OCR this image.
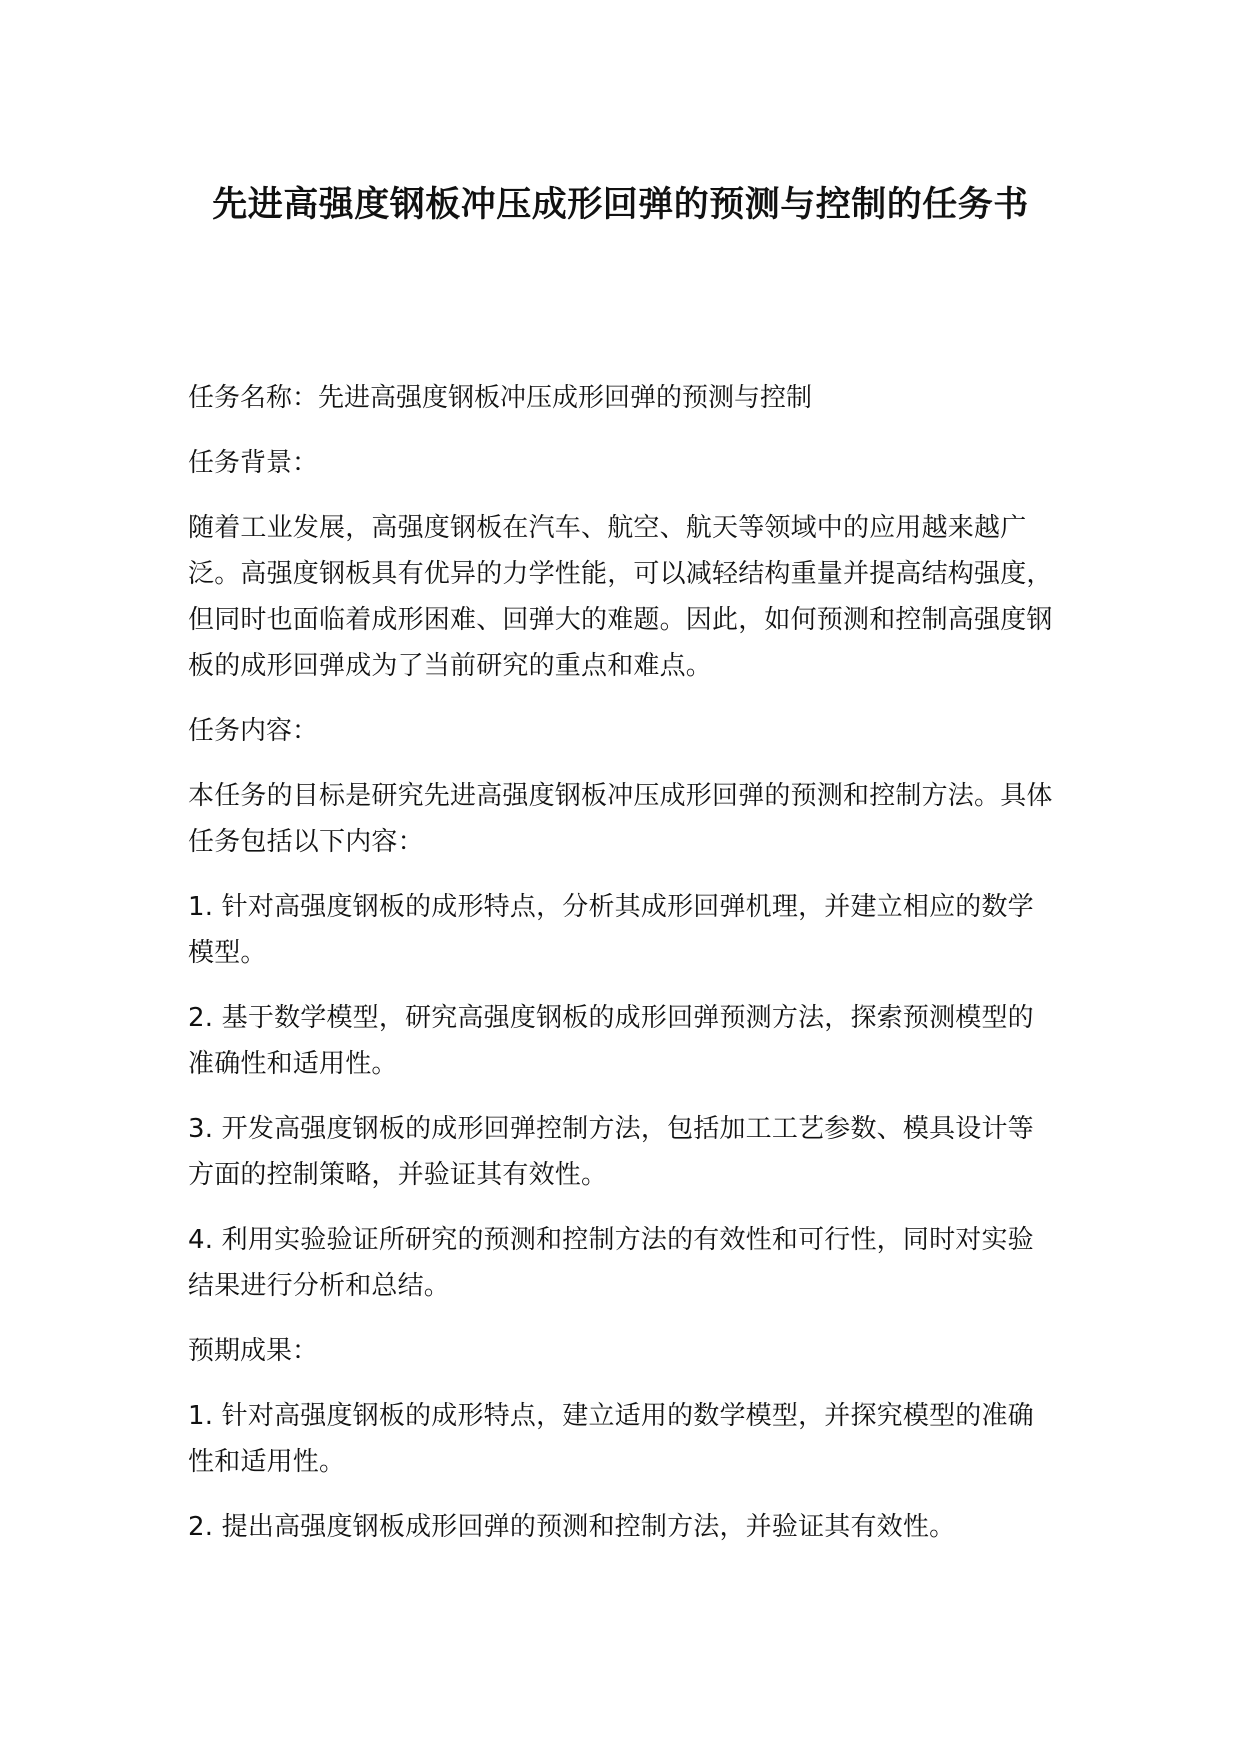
先进高强度钢板冲压成形回弹的预测与控制的任务书

任务名称：先进高强度钢板冲压成形回弹的预测与控制

任务背景：

随着工业发展，高强度钢板在汽车、航空、航天等领域中的应用越来越广泛。高强度钢板具有优异的力学性能，可以减轻结构重量并提高结构强度，但同时也面临着成形困难、回弹大的难题。因此，如何预测和控制高强度钢板的成形回弹成为了当前研究的重点和难点。

任务内容：

本任务的目标是研究先进高强度钢板冲压成形回弹的预测和控制方法。具体任务包括以下内容：

1. 针对高强度钢板的成形特点，分析其成形回弹机理，并建立相应的数学模型。

2. 基于数学模型，研究高强度钢板的成形回弹预测方法，探索预测模型的准确性和适用性。

3. 开发高强度钢板的成形回弹控制方法，包括加工工艺参数、模具设计等方面的控制策略，并验证其有效性。

4. 利用实验验证所研究的预测和控制方法的有效性和可行性，同时对实验结果进行分析和总结。

预期成果：

1. 针对高强度钢板的成形特点，建立适用的数学模型，并探究模型的准确性和适用性。

2. 提出高强度钢板成形回弹的预测和控制方法，并验证其有效性。
